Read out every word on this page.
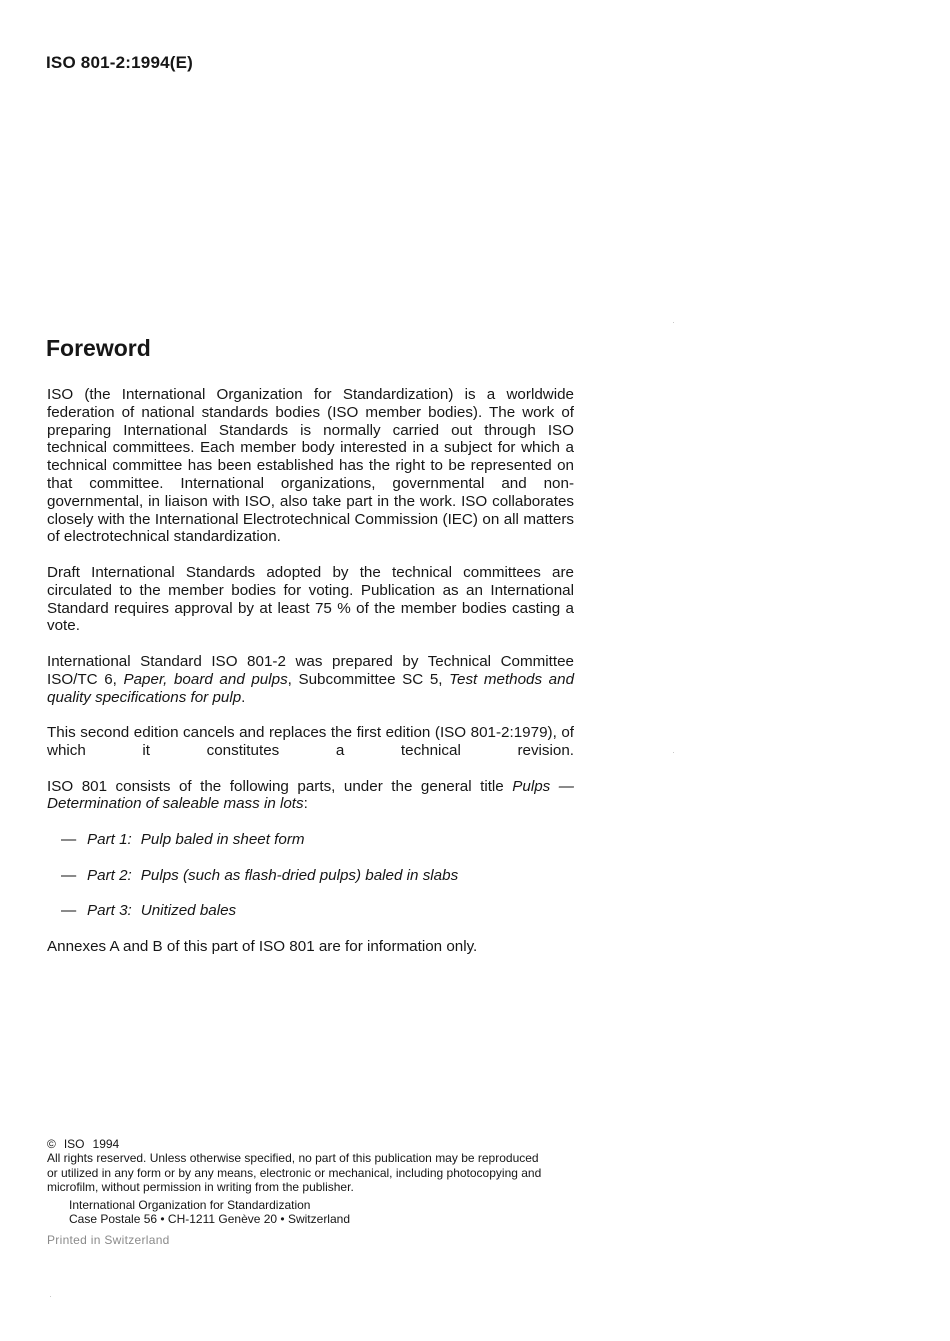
ISO 801-2:1994(E)
Foreword

ISO (the International Organization for Standardization) is a worldwide federation of national standards bodies (ISO member bodies). The work of preparing International Standards is normally carried out through ISO technical committees. Each member body interested in a subject for which a technical committee has been established has the right to be represented on that committee. International organizations, governmental and non-governmental, in liaison with ISO, also take part in the work. ISO collaborates closely with the International Electrotechnical Commission (IEC) on all matters of electrotechnical standardization.

Draft International Standards adopted by the technical committees are circulated to the member bodies for voting. Publication as an International Standard requires approval by at least 75 % of the member bodies casting a vote.

International Standard ISO 801-2 was prepared by Technical Committee ISO/TC 6, Paper, board and pulps, Subcommittee SC 5, Test methods and quality specifications for pulp.

This second edition cancels and replaces the first edition (ISO 801-2:1979), of which it constitutes a technical revision.

ISO 801 consists of the following parts, under the general title Pulps — Determination of saleable mass in lots:

— Part 1: Pulp baled in sheet form
— Part 2: Pulps (such as flash-dried pulps) baled in slabs
— Part 3: Unitized bales

Annexes A and B of this part of ISO 801 are for information only.

© ISO 1994
All rights reserved. Unless otherwise specified, no part of this publication may be reproduced
or utilized in any form or by any means, electronic or mechanical, including photocopying and
microfilm, without permission in writing from the publisher.
International Organization for Standardization
Case Postale 56 • CH-1211 Genève 20 • Switzerland
Printed in Switzerland
